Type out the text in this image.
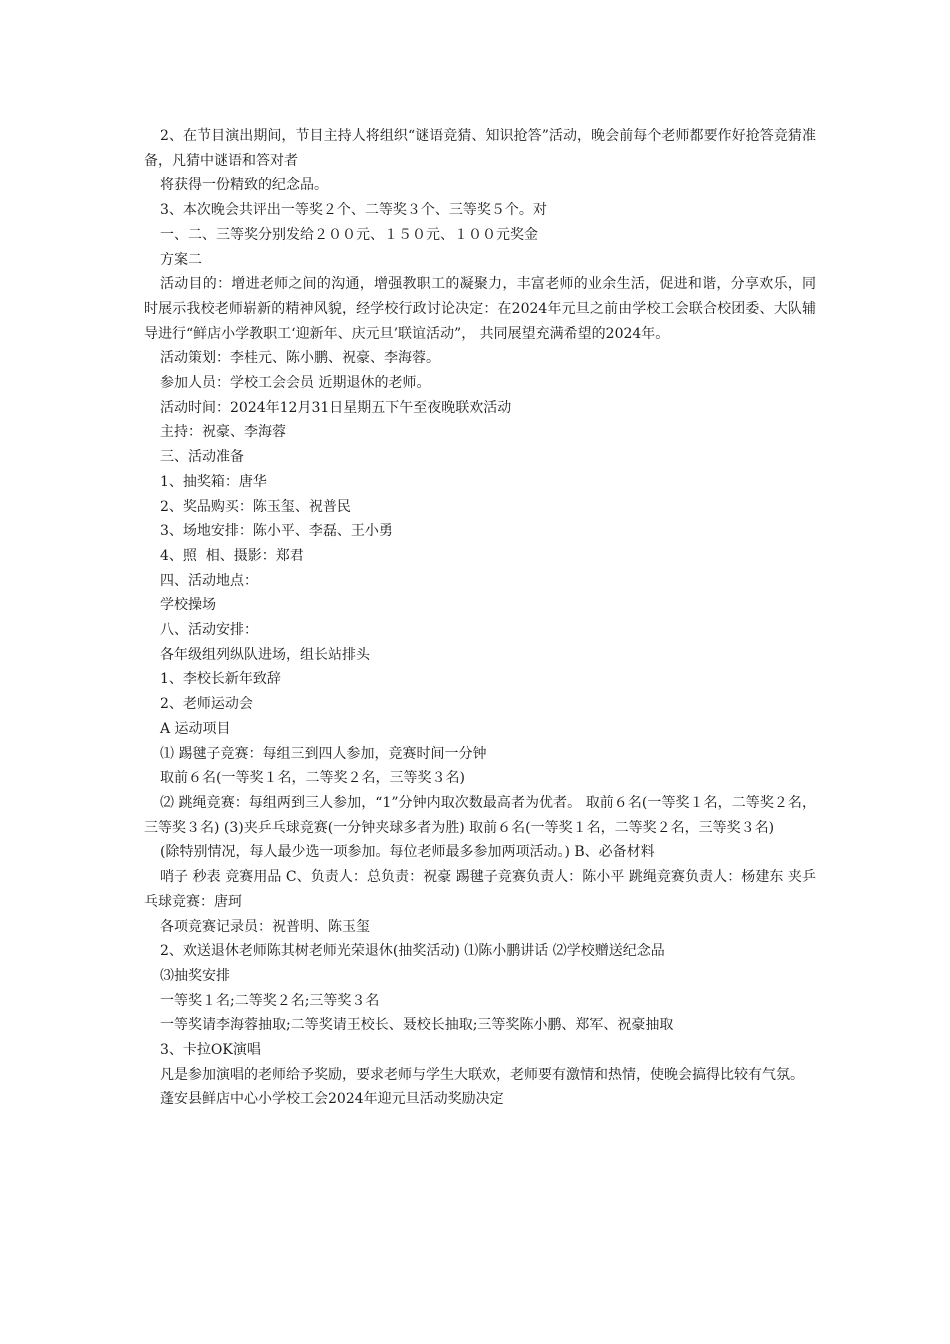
2、在节目演出期间，节目主持人将组织“谜语竞猜、知识抢答”活动，晚会前每个老师都要作好抢答竞猜准备，凡猜中谜语和答对者

将获得一份精致的纪念品。

3、本次晚会共评出一等奖２个、二等奖３个、三等奖５个。对

一、二、三等奖分别发给２００元、１５０元、１００元奖金

方案二

活动目的：增进老师之间的沟通，增强教职工的凝聚力，丰富老师的业余生活，促进和谐，分享欢乐，同时展示我校老师崭新的精神风貌，经学校行政讨论决定：在2024年元旦之前由学校工会联合校团委、大队辅导进行“鲜店小学教职工‘迎新年、庆元旦’联谊活动”， 共同展望充满希望的2024年。

活动策划：李桂元、陈小鹏、祝豪、李海蓉。

参加人员：学校工会会员 近期退休的老师。

活动时间：2024年12月31日星期五下午至夜晚联欢活动

主持：祝豪、李海蓉

三、活动准备

1、抽奖箱：唐华

2、奖品购买：陈玉玺、祝普民

3、场地安排：陈小平、李磊、王小勇

4、照  相、摄影：郑君

四、活动地点：

学校操场

八、活动安排：

各年级组列纵队进场，组长站排头

1、李校长新年致辞

2、老师运动会

A 运动项目

⑴ 踢毽子竞赛：每组三到四人参加，竞赛时间一分钟

取前６名(一等奖１名，二等奖２名，三等奖３名)

⑵ 跳绳竞赛：每组两到三人参加，“1”分钟内取次数最高者为优者。 取前６名(一等奖１名，二等奖２名，三等奖３名) (3)夹乒乓球竞赛(一分钟夹球多者为胜) 取前６名(一等奖１名，二等奖２名，三等奖３名)

(除特别情况，每人最少选一项参加。每位老师最多参加两项活动。) B、必备材料

哨子 秒表 竞赛用品 C、负责人：总负责：祝豪 踢毽子竞赛负责人：陈小平 跳绳竞赛负责人：杨建东 夹乒乓球竞赛：唐珂

各项竞赛记录员：祝普明、陈玉玺

2、欢送退休老师陈其树老师光荣退休(抽奖活动) ⑴陈小鹏讲话 ⑵学校赠送纪念品

⑶抽奖安排

一等奖１名;二等奖２名;三等奖３名

一等奖请李海蓉抽取;二等奖请王校长、聂校长抽取;三等奖陈小鹏、郑军、祝豪抽取

3、卡拉OK演唱

凡是参加演唱的老师给予奖励，要求老师与学生大联欢，老师要有激情和热情，使晚会搞得比较有气氛。

蓬安县鲜店中心小学校工会2024年迎元旦活动奖励决定
